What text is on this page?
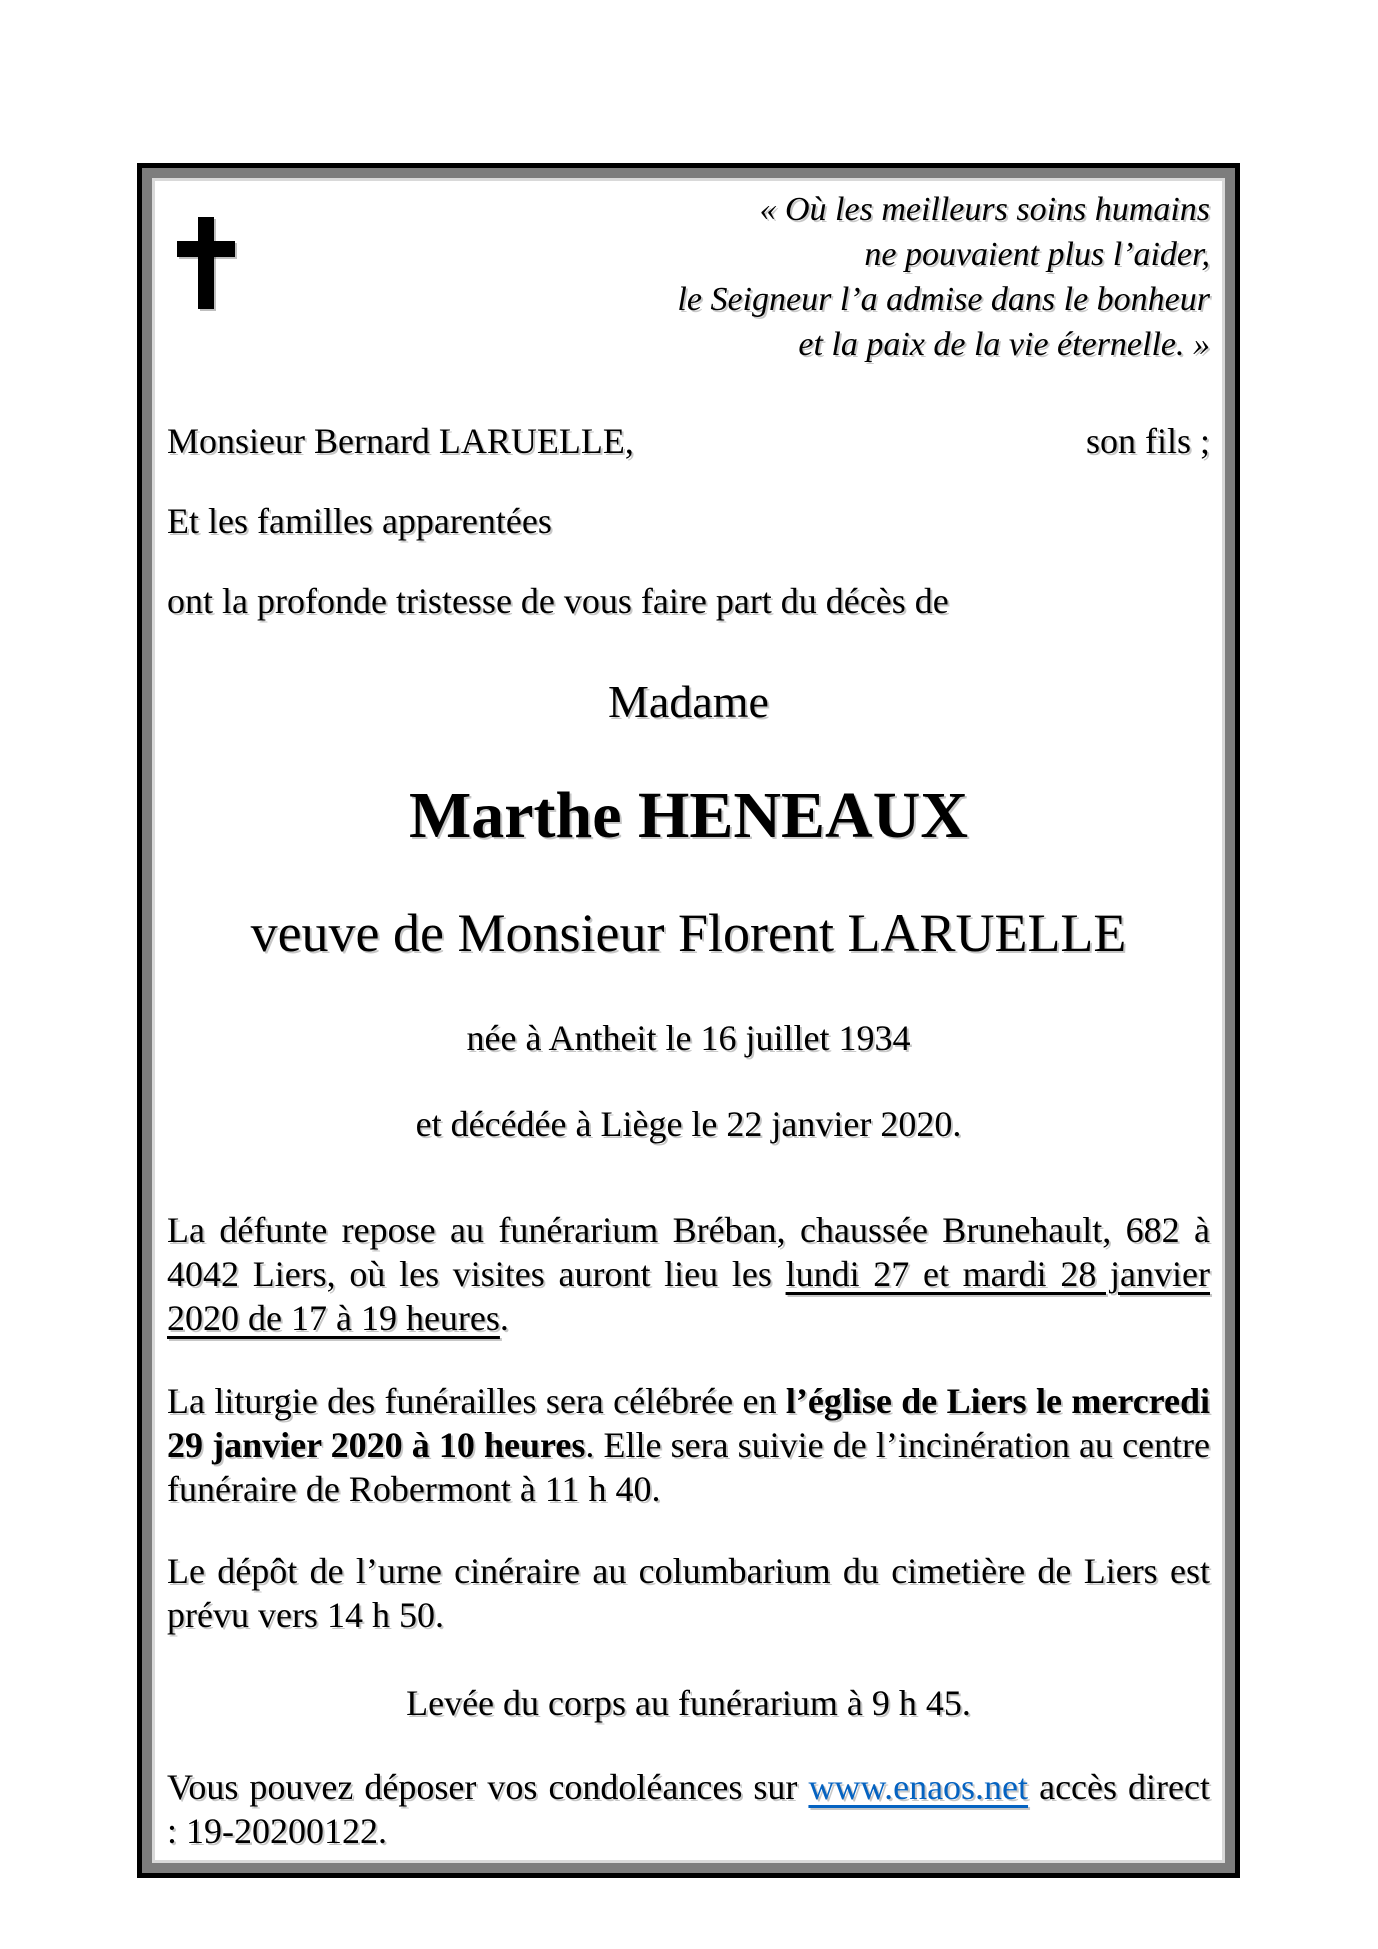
« Où les meilleurs soins humains
ne pouvaient plus l’aider,
le Seigneur l’a admise dans le bonheur
et la paix de la vie éternelle. »
Monsieur Bernard LARUELLE,	son fils ;
Et les familles apparentées
ont la profonde tristesse de vous faire part du décès de
Madame
Marthe HENEAUX
veuve de Monsieur Florent LARUELLE
née à Antheit le 16 juillet 1934
et décédée à Liège le 22 janvier 2020.

La défunte repose au funérarium Bréban, chaussée Brunehault, 682 à 4042 Liers, où les visites auront lieu les lundi 27 et mardi 28 janvier 2020 de 17 à 19 heures.

La liturgie des funérailles sera célébrée en l’église de Liers le mercredi 29 janvier 2020 à 10 heures. Elle sera suivie de l’incinération au centre funéraire de Robermont à 11 h 40.

Le dépôt de l’urne cinéraire au columbarium du cimetière de Liers est prévu vers 14 h 50.

Levée du corps au funérarium à 9 h 45.

Vous pouvez déposer vos condoléances sur www.enaos.net accès direct : 19-20200122.
